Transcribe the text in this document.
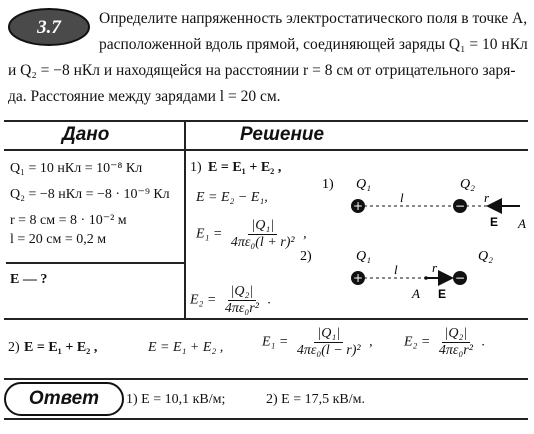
3.7 Определите напряженность электростатического поля в точке A,
расположенной вдоль прямой, соединяющей заряды Q₁ = 10 нКл
и Q₂ = −8 нКл и находящейся на расстоянии r = 8 см от отрицательного заря-
да. Расстояние между зарядами l = 20 см.
Дано	Решение
Q₁ = 10 нКл = 10⁻⁸ Кл
Q₂ = −8 нКл = −8 · 10⁻⁹ Кл
r = 8 см = 8 · 10⁻² м
l = 20 см = 0,2 м
E — ?
1) E = E₁ + E₂ ,
E = E₂ − E₁,
$E_1 = \frac{\text{|Q₁|}}{\text{4πε₀(l + r)²}}$ ,
$E_2 = \frac{\text{|Q₂|}}{\text{4πε₀r²}}$ .
1) Q₁	Q₂
l	r
+	−
E A
2)	Q₁	Q₂
l	r
+	−
A E
2) E = E₁ + E₂ ,	E = E₁ + E₂ ,	$E_1 = \frac{\text{|Q₁|}}{\text{4πε₀(l − r)²}}$ , $E_2 = \frac{\text{|Q₂|}}{\text{4πε₀r²}}$ .
Ответ	1) E = 10,1 кВ/м;	2) E = 17,5 кВ/м.
